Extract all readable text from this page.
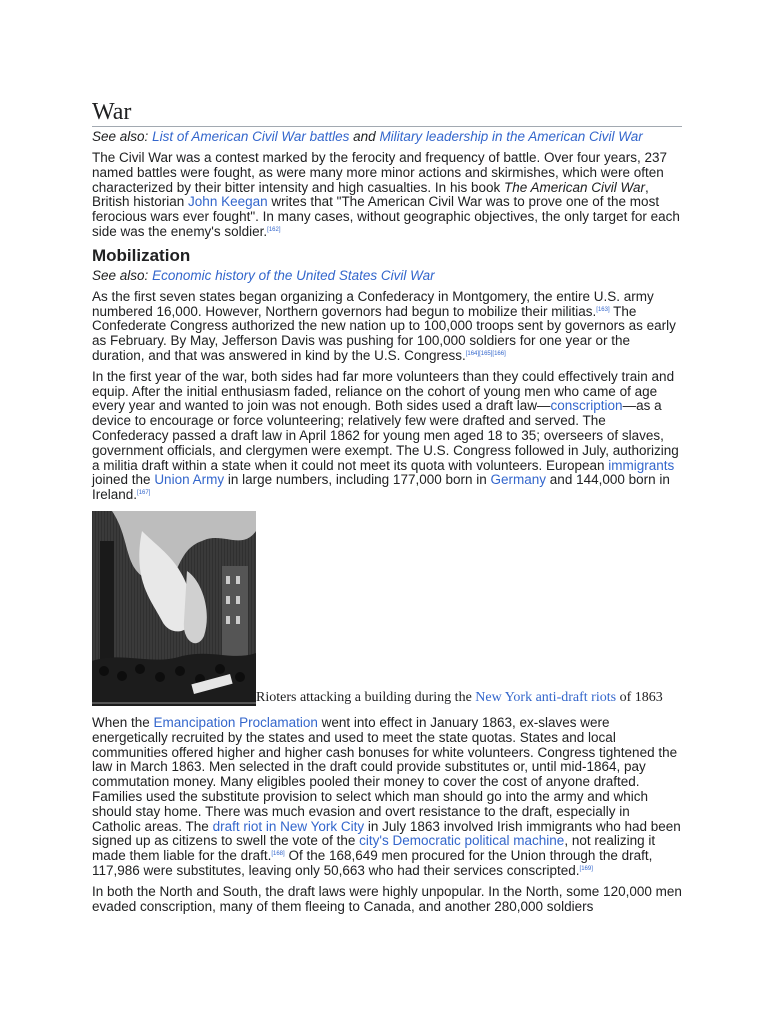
War
See also: List of American Civil War battles and Military leadership in the American Civil War

The Civil War was a contest marked by the ferocity and frequency of battle. Over four years, 237 named battles were fought, as were many more minor actions and skirmishes, which were often characterized by their bitter intensity and high casualties. In his book The American Civil War, British historian John Keegan writes that "The American Civil War was to prove one of the most ferocious wars ever fought". In many cases, without geographic objectives, the only target for each side was the enemy's soldier.[162]

Mobilization
See also: Economic history of the United States Civil War

As the first seven states began organizing a Confederacy in Montgomery, the entire U.S. army numbered 16,000. However, Northern governors had begun to mobilize their militias.[163] The Confederate Congress authorized the new nation up to 100,000 troops sent by governors as early as February. By May, Jefferson Davis was pushing for 100,000 soldiers for one year or the duration, and that was answered in kind by the U.S. Congress.[164][165][166]

In the first year of the war, both sides had far more volunteers than they could effectively train and equip. After the initial enthusiasm faded, reliance on the cohort of young men who came of age every year and wanted to join was not enough. Both sides used a draft law—conscription—as a device to encourage or force volunteering; relatively few were drafted and served. The Confederacy passed a draft law in April 1862 for young men aged 18 to 35; overseers of slaves, government officials, and clergymen were exempt. The U.S. Congress followed in July, authorizing a militia draft within a state when it could not meet its quota with volunteers. European immigrants joined the Union Army in large numbers, including 177,000 born in Germany and 144,000 born in Ireland.[167]

Rioters attacking a building during the New York anti-draft riots of 1863

When the Emancipation Proclamation went into effect in January 1863, ex-slaves were energetically recruited by the states and used to meet the state quotas. States and local communities offered higher and higher cash bonuses for white volunteers. Congress tightened the law in March 1863. Men selected in the draft could provide substitutes or, until mid-1864, pay commutation money. Many eligibles pooled their money to cover the cost of anyone drafted. Families used the substitute provision to select which man should go into the army and which should stay home. There was much evasion and overt resistance to the draft, especially in Catholic areas. The draft riot in New York City in July 1863 involved Irish immigrants who had been signed up as citizens to swell the vote of the city's Democratic political machine, not realizing it made them liable for the draft.[168] Of the 168,649 men procured for the Union through the draft, 117,986 were substitutes, leaving only 50,663 who had their services conscripted.[169]

In both the North and South, the draft laws were highly unpopular. In the North, some 120,000 men evaded conscription, many of them fleeing to Canada, and another 280,000 soldiers
